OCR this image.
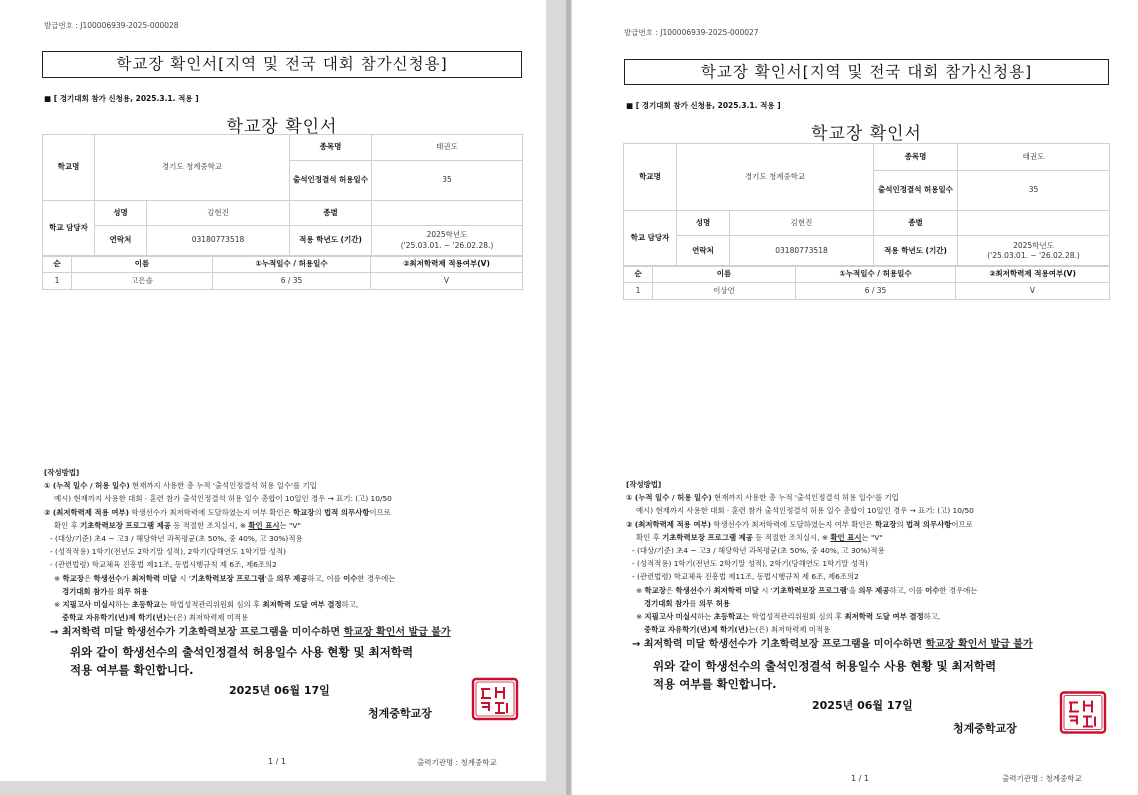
발급번호 : J100006939-2025-000028
학교장 확인서[지역 및 전국 대회 참가신청용]
■ [ 경기대회 참가 신청용, 2025.3.1. 적용 ]
학교장 확인서
학교명	경기도 청계중학교		종목명	태권도
			출석인정결석 허용일수	35
학교 담당자	성명	김현진	종별	
	연락처	03180773518	적용 학년도 (기간)	2025학년도
('25.03.01. ~ '26.02.28.)
순	이름	①누적일수 / 허용일수	②최저학력제 적용여부(V)
1	고은솔	6 / 35	V
[작성방법]
① (누적 일수 / 허용 일수) 현재까지 사용한 총 누적 '출석인정결석 허용 일수'를 기입
예시) 현재까지 사용한 대회 · 훈련 참가 출석인정결석 허용 일수 총합이 10일인 경우 → 표기: (고) 10/50
② (최저학력제 적용 여부) 학생선수가 최저학력에 도달하였는지 여부 확인은 학교장의 법적 의무사항이므로
확인 후 기초학력보장 프로그램 제공 등 적절한 조치실시, ※ 확인 표시는 "V"
- (대상/기준) 초4 ~ 고3 / 해당학년 과목평균(초 50%, 중 40%, 고 30%)적용
- (성적적용) 1학기(전년도 2학기말 성적), 2학기(당해연도 1학기말 성적)
- (관련법령) 학교체육 진흥법 제11조, 동법시행규칙 제 6조, 제6조의2
※ 학교장은 학생선수가 최저학력 미달 시 '기초학력보장 프로그램'을 의무 제공하고, 이를 이수한 경우에는
경기대회 참가를 의무 허용
※ 지필고사 미실시하는 초등학교는 학업성적관리위원회 심의 후 최저학력 도달 여부 결정하고,
중학교 자유학기(년)제 학기(년)는(은) 최저학력제 미적용
→ 최저학력 미달 학생선수가 기초학력보장 프로그램을 미이수하면 학교장 확인서 발급 불가
위와 같이 학생선수의 출석인정결석 허용일수 사용 현황 및 최저학력
적용 여부를 확인합니다.
2025년 06월 17일
청계중학교장
1 / 1	출력기관명 : 청계중학교
발급번호 : J100006939-2025-000027
학교장 확인서[지역 및 전국 대회 참가신청용]
■ [ 경기대회 참가 신청용, 2025.3.1. 적용 ]
학교장 확인서
학교명	경기도 청계중학교		종목명	태권도
			출석인정결석 허용일수	35
학교 담당자	성명	김현진	종별	
	연락처	03180773518	적용 학년도 (기간)	2025학년도
('25.03.01. ~ '26.02.28.)
순	이름	①누적일수 / 허용일수	②최저학력제 적용여부(V)
1	이상언	6 / 35	V
[작성방법]
① (누적 일수 / 허용 일수) 현재까지 사용한 총 누적 '출석인정결석 허용 일수'를 기입
예시) 현재까지 사용한 대회 · 훈련 참가 출석인정결석 허용 일수 총합이 10일인 경우 → 표기: (고) 10/50
② (최저학력제 적용 여부) 학생선수가 최저학력에 도달하였는지 여부 확인은 학교장의 법적 의무사항이므로
확인 후 기초학력보장 프로그램 제공 등 적절한 조치실시, ※ 확인 표시는 "V"
- (대상/기준) 초4 ~ 고3 / 해당학년 과목평균(초 50%, 중 40%, 고 30%)적용
- (성적적용) 1학기(전년도 2학기말 성적), 2학기(당해연도 1학기말 성적)
- (관련법령) 학교체육 진흥법 제11조, 동법시행규칙 제 6조, 제6조의2
※ 학교장은 학생선수가 최저학력 미달 시 '기초학력보장 프로그램'을 의무 제공하고, 이를 이수한 경우에는
경기대회 참가를 의무 허용
※ 지필고사 미실시하는 초등학교는 학업성적관리위원회 심의 후 최저학력 도달 여부 결정하고,
중학교 자유학기(년)제 학기(년)는(은) 최저학력제 미적용
→ 최저학력 미달 학생선수가 기초학력보장 프로그램을 미이수하면 학교장 확인서 발급 불가
위와 같이 학생선수의 출석인정결석 허용일수 사용 현황 및 최저학력
적용 여부를 확인합니다.
2025년 06월 17일
청계중학교장
1 / 1	출력기관명 : 청계중학교
